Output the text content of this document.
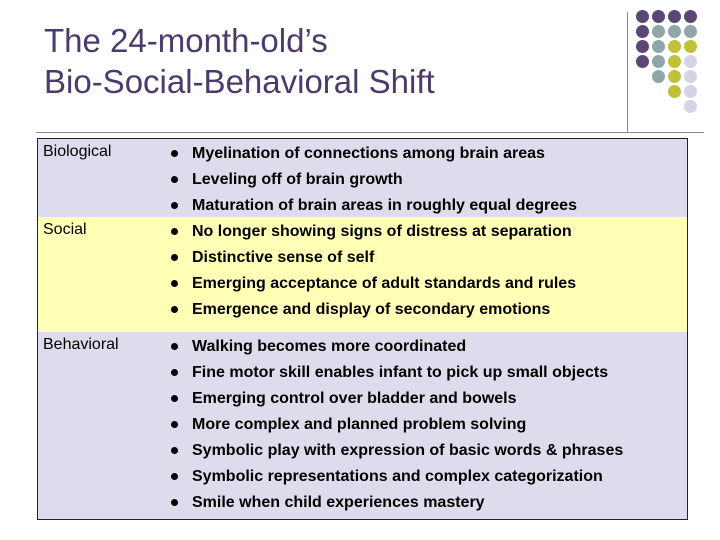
The 24-month-old’s
Bio-Social-Behavioral Shift
Biological	Myelination of connections among brain areas
Leveling off of brain growth
Maturation of brain areas in roughly equal degrees
Social	No longer showing signs of distress at separation
Distinctive sense of self
Emerging acceptance of adult standards and rules
Emergence and display of secondary emotions
Behavioral	Walking becomes more coordinated
Fine motor skill enables infant to pick up small objects
Emerging control over bladder and bowels
More complex and planned problem solving
Symbolic play with expression of basic words & phrases
Symbolic representations and complex categorization
Smile when child experiences mastery
